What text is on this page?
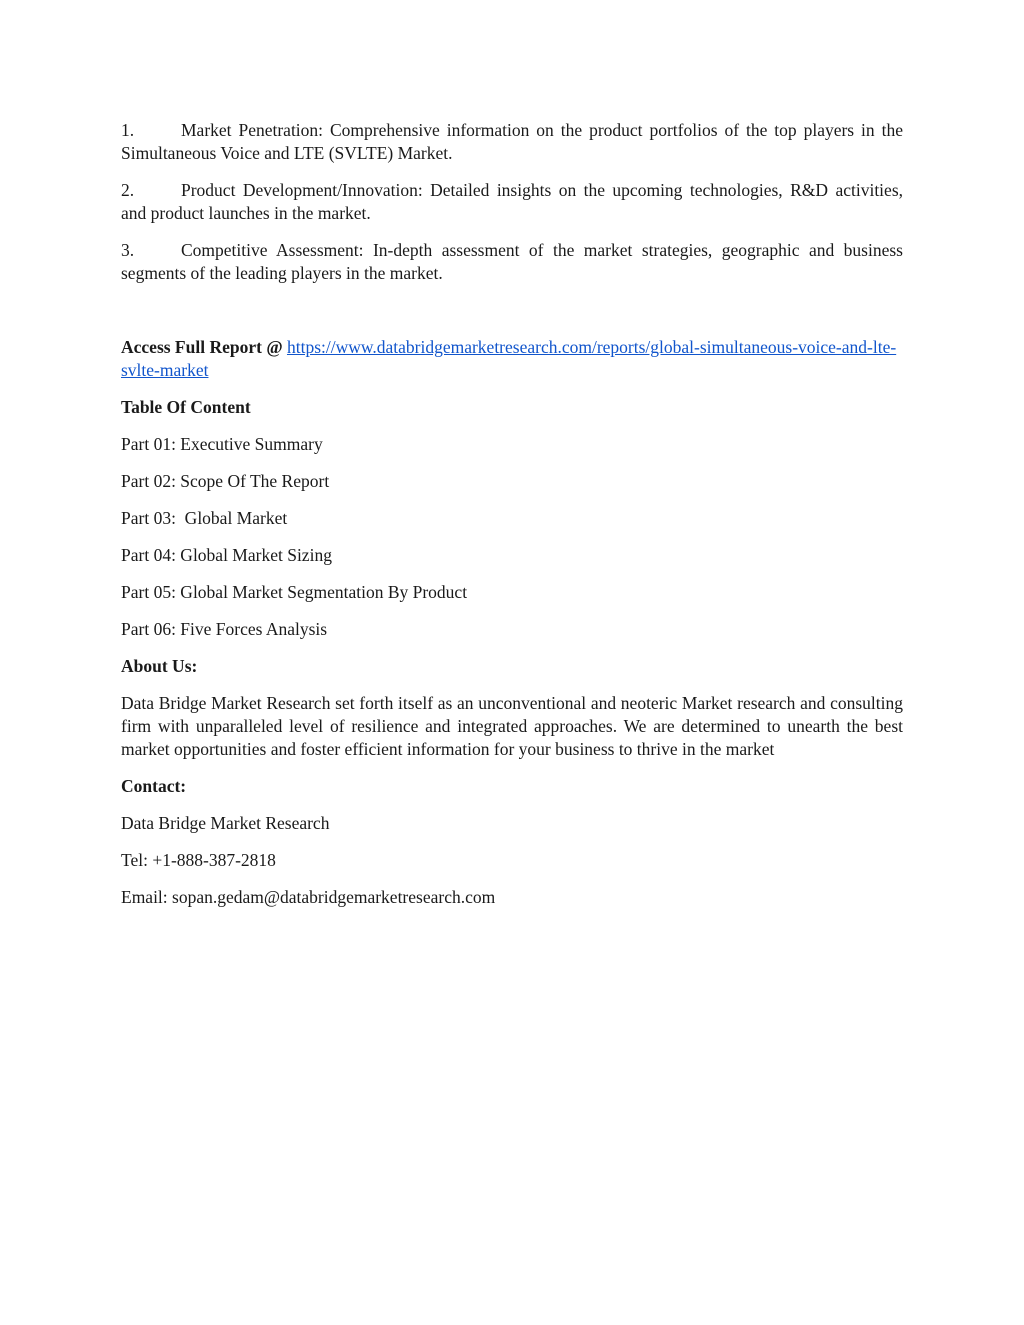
1.	Market Penetration: Comprehensive information on the product portfolios of the top players in the Simultaneous Voice and LTE (SVLTE) Market.
2.	Product Development/Innovation: Detailed insights on the upcoming technologies, R&D activities, and product launches in the market.
3.	Competitive Assessment: In-depth assessment of the market strategies, geographic and business segments of the leading players in the market.
Access Full Report @ https://www.databridgemarketresearch.com/reports/global-simultaneous-voice-and-lte-svlte-market
Table Of Content
Part 01: Executive Summary
Part 02: Scope Of The Report
Part 03:  Global Market
Part 04: Global Market Sizing
Part 05: Global Market Segmentation By Product
Part 06: Five Forces Analysis
About Us:
Data Bridge Market Research set forth itself as an unconventional and neoteric Market research and consulting firm with unparalleled level of resilience and integrated approaches. We are determined to unearth the best market opportunities and foster efficient information for your business to thrive in the market
Contact:
Data Bridge Market Research
Tel: +1-888-387-2818
Email: sopan.gedam@databridgemarketresearch.com
